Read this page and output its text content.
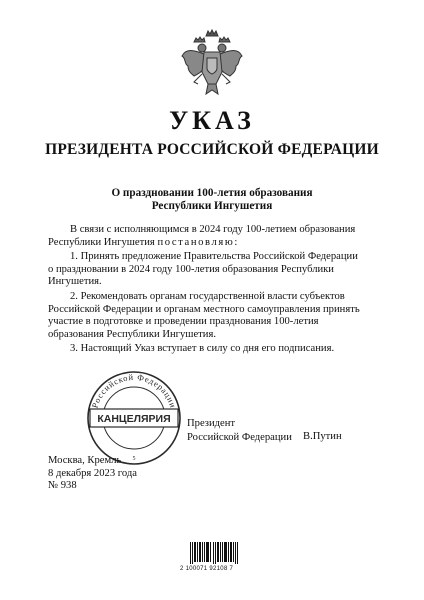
УКАЗ
ПРЕЗИДЕНТА РОССИЙСКОЙ ФЕДЕРАЦИИ
О праздновании 100-летия образования
Республики Ингушетия
В связи с исполняющимся в 2024 году 100-летием образования
Республики Ингушетия постановляю:
1. Принять предложение Правительства Российской Федерации
о праздновании в 2024 году 100-летия образования Республики
Ингушетия.
2. Рекомендовать органам государственной власти субъектов
Российской Федерации и органам местного самоуправления принять
участие в подготовке и проведении празднования 100-летия
образования Республики Ингушетия.
3. Настоящий Указ вступает в силу со дня его подписания.
Российской Федерации
КАНЦЕЛЯРИЯ
5
Президент
Российской Федерации В.Путин
Москва, Кремль
8 декабря 2023 года
№ 938
2 100071 92108 7
